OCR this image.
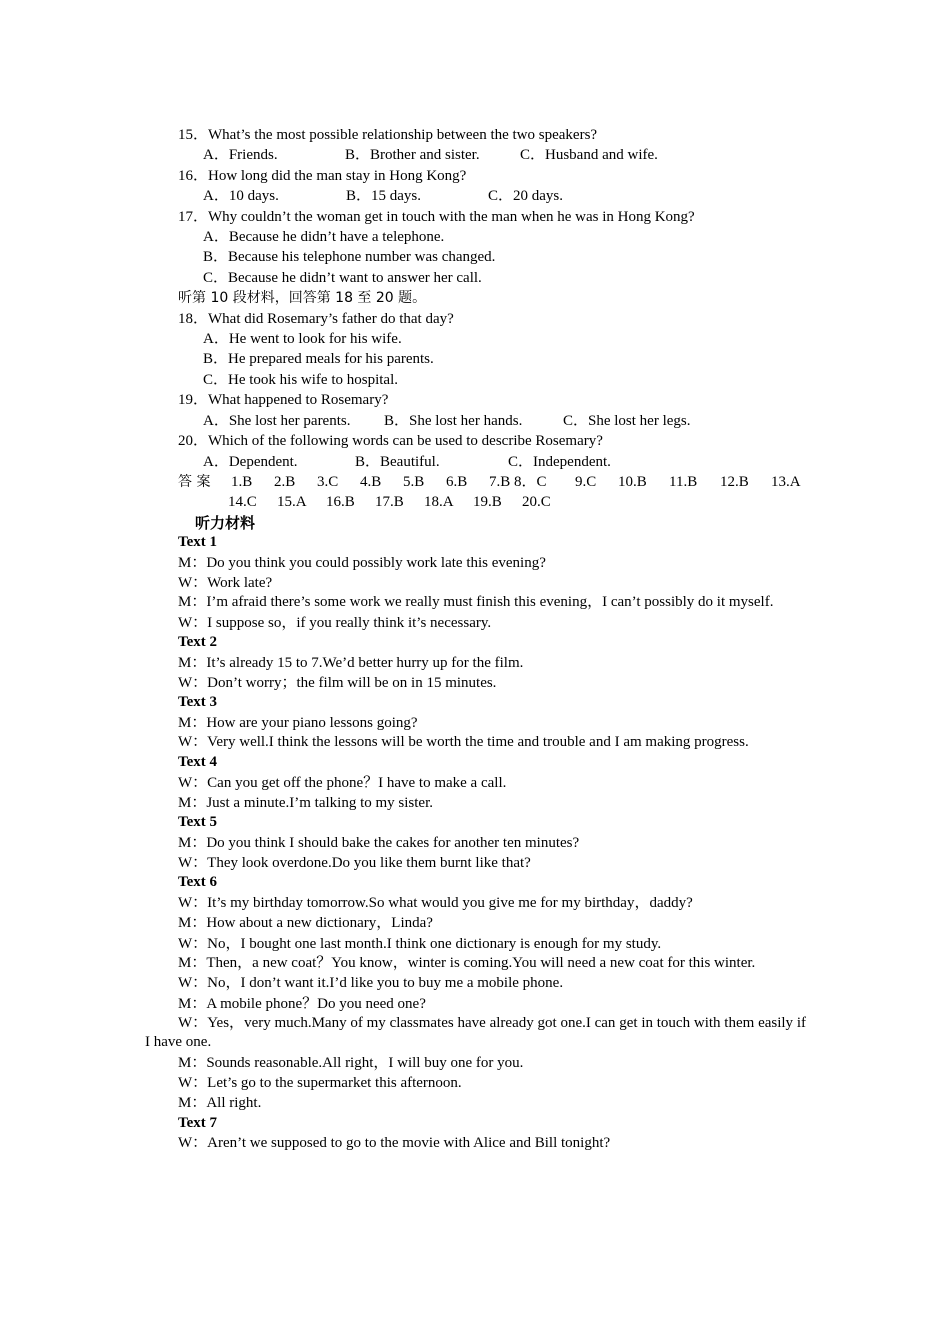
15．What’s the most possible relationship between the two speakers?
A．Friends.	B．Brother and sister.	C．Husband and wife.
16．How long did the man stay in Hong Kong?
A．10 days.	B．15 days.	C．20 days.
17．Why couldn’t the woman get in touch with the man when he was in Hong Kong?
A．Because he didn’t have a telephone.
B．Because his telephone number was changed.
C．Because he didn’t want to answer her call.
听第 10 段材料，回答第 18 至 20 题。
18．What did Rosemary’s father do that day?
A．He went to look for his wife.
B．He prepared meals for his parents.
C．He took his wife to hospital.
19．What happened to Rosemary?
A．She lost her parents.	B．She lost her hands.	C．She lost her legs.
20．Which of the following words can be used to describe Rosemary?
A．Dependent.	B．Beautiful.	C．Independent.
答 案	1.B	2.B	3.C	4.B	5.B	6.B	7.B 8．C	9.C	10.B	11.B	12.B	13.A
14.C	15.A	16.B	17.B	18.A	19.B	20.C
听力材料
Text 1
M：Do you think you could possibly work late this evening?
W：Work late?
M：I’m afraid there’s some work we really must finish this evening，I can’t possibly do it myself.
W：I suppose so，if you really think it’s necessary.
Text 2
M：It’s already 15 to 7.We’d better hurry up for the film.
W：Don’t worry；the film will be on in 15 minutes.
Text 3
M：How are your piano lessons going?
W：Very well.I think the lessons will be worth the time and trouble and I am making progress.
Text 4
W：Can you get off the phone？I have to make a call.
M：Just a minute.I’m talking to my sister.
Text 5
M：Do you think I should bake the cakes for another ten minutes?
W：They look overdone.Do you like them burnt like that?
Text 6
W：It’s my birthday tomorrow.So what would you give me for my birthday，daddy?
M：How about a new dictionary，Linda?
W：No，I bought one last month.I think one dictionary is enough for my study.
M：Then，a new coat？You know，winter is coming.You will need a new coat for this winter.
W：No，I don’t want it.I’d like you to buy me a mobile phone.
M：A mobile phone？Do you need one?
W：Yes，very much.Many of my classmates have already got one.I can get in touch with them easily if I have one.
M：Sounds reasonable.All right，I will buy one for you.
W：Let’s go to the supermarket this afternoon.
M：All right.
Text 7
W：Aren’t we supposed to go to the movie with Alice and Bill tonight?
